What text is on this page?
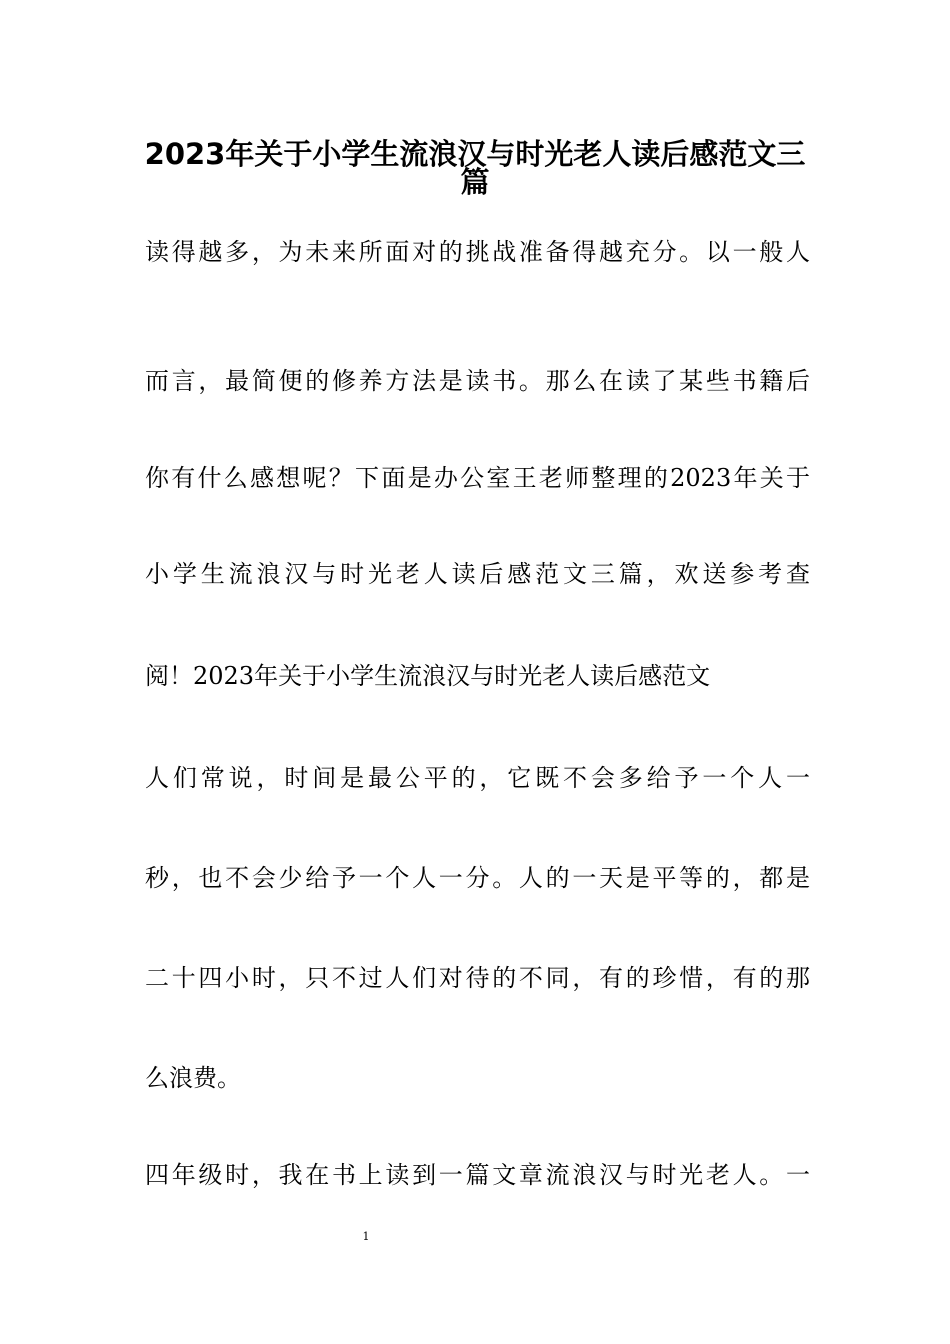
2023年关于小学生流浪汉与时光老人读后感范文三
篇
读得越多，为未来所面对的挑战准备得越充分。以一般人
而言，最简便的修养方法是读书。那么在读了某些书籍后
你有什么感想呢？下面是办公室王老师整理的2023年关于
小学生流浪汉与时光老人读后感范文三篇，欢送参考查
阅！2023年关于小学生流浪汉与时光老人读后感范文
人们常说，时间是最公平的，它既不会多给予一个人一
秒，也不会少给予一个人一分。人的一天是平等的，都是
二十四小时，只不过人们对待的不同，有的珍惜，有的那
么浪费。
四年级时，我在书上读到一篇文章流浪汉与时光老人。一
1
